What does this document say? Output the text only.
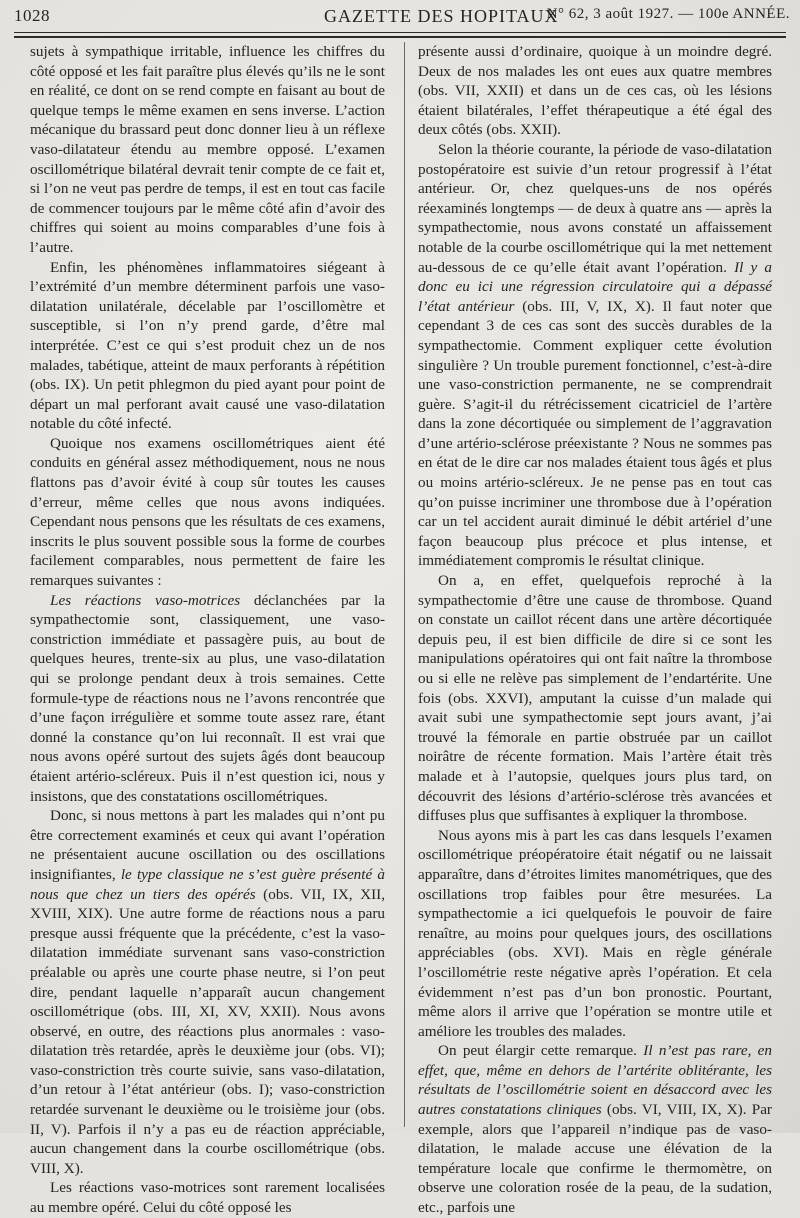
1028	GAZETTE DES HOPITAUX
N° 62, 3 août 1927. — 100e ANNÉE.

sujets à sympathique irritable, influence les chiffres du côté opposé et les fait paraître plus élevés qu’ils ne le sont en réalité, ce dont on se rend compte en faisant au bout de quelque temps le même examen en sens inverse. L’action mécanique du brassard peut donc donner lieu à un réflexe vaso-dilatateur étendu au membre opposé. L’examen oscillométrique bilatéral devrait tenir compte de ce fait et, si l’on ne veut pas perdre de temps, il est en tout cas facile de commencer toujours par le même côté afin d’avoir des chiffres qui soient au moins comparables d’une fois à l’autre.

Enfin, les phénomènes inflammatoires siégeant à l’extrémité d’un membre déterminent parfois une vaso-dilatation unilatérale, décelable par l’oscillomètre et susceptible, si l’on n’y prend garde, d’être mal interprétée. C’est ce qui s’est produit chez un de nos malades, tabétique, atteint de maux perforants à répétition (obs. IX). Un petit phlegmon du pied ayant pour point de départ un mal perforant avait causé une vaso-dilatation notable du côté infecté.

Quoique nos examens oscillométriques aient été conduits en général assez méthodiquement, nous ne nous flattons pas d’avoir évité à coup sûr toutes les causes d’erreur, même celles que nous avons indiquées. Cependant nous pensons que les résultats de ces examens, inscrits le plus souvent possible sous la forme de courbes facilement comparables, nous permettent de faire les remarques suivantes :

Les réactions vaso-motrices déclanchées par la sympathectomie sont, classiquement, une vaso-constriction immédiate et passagère puis, au bout de quelques heures, trente-six au plus, une vaso-dilatation qui se prolonge pendant deux à trois semaines. Cette formule-type de réactions nous ne l’avons rencontrée que d’une façon irrégulière et somme toute assez rare, étant donné la constance qu’on lui reconnaît. Il est vrai que nous avons opéré surtout des sujets âgés dont beaucoup étaient artério-scléreux. Puis il n’est question ici, nous y insistons, que des constatations oscillométriques.

Donc, si nous mettons à part les malades qui n’ont pu être correctement examinés et ceux qui avant l’opération ne présentaient aucune oscillation ou des oscillations insignifiantes, le type classique ne s’est guère présenté à nous que chez un tiers des opérés (obs. VII, IX, XII, XVIII, XIX). Une autre forme de réactions nous a paru presque aussi fréquente que la précédente, c’est la vaso-dilatation immédiate survenant sans vaso-constriction préalable ou après une courte phase neutre, si l’on peut dire, pendant laquelle n’apparaît aucun changement oscillométrique (obs. III, XI, XV, XXII). Nous avons observé, en outre, des réactions plus anormales : vaso-dilatation très retardée, après le deuxième jour (obs. VI); vaso-constriction très courte suivie, sans vaso-dilatation, d’un retour à l’état antérieur (obs. I); vaso-constriction retardée survenant le deuxième ou le troisième jour (obs. II, V). Parfois il n’y a pas eu de réaction appréciable, aucun changement dans la courbe oscillométrique (obs. VIII, X).

Les réactions vaso-motrices sont rarement localisées au membre opéré. Celui du côté opposé les

présente aussi d’ordinaire, quoique à un moindre degré. Deux de nos malades les ont eues aux quatre membres (obs. VII, XXII) et dans un de ces cas, où les lésions étaient bilatérales, l’effet thérapeutique a été égal des deux côtés (obs. XXII).

Selon la théorie courante, la période de vaso-dilatation postopératoire est suivie d’un retour progressif à l’état antérieur. Or, chez quelques-uns de nos opérés réexaminés longtemps — de deux à quatre ans — après la sympathectomie, nous avons constaté un affaissement notable de la courbe oscillométrique qui la met nettement au-dessous de ce qu’elle était avant l’opération. Il y a donc eu ici une régression circulatoire qui a dépassé l’état antérieur (obs. III, V, IX, X). Il faut noter que cependant 3 de ces cas sont des succès durables de la sympathectomie. Comment expliquer cette évolution singulière ? Un trouble purement fonctionnel, c’est-à-dire une vaso-constriction permanente, ne se comprendrait guère. S’agit-il du rétrécissement cicatriciel de l’artère dans la zone décortiquée ou simplement de l’aggravation d’une artério-sclérose préexistante ? Nous ne sommes pas en état de le dire car nos malades étaient tous âgés et plus ou moins artério-scléreux. Je ne pense pas en tout cas qu’on puisse incriminer une thrombose due à l’opération car un tel accident aurait diminué le débit artériel d’une façon beaucoup plus précoce et plus intense, et immédiatement compromis le résultat clinique.

On a, en effet, quelquefois reproché à la sympathectomie d’être une cause de thrombose. Quand on constate un caillot récent dans une artère décortiquée depuis peu, il est bien difficile de dire si ce sont les manipulations opératoires qui ont fait naître la thrombose ou si elle ne relève pas simplement de l’endartérite. Une fois (obs. XXVI), amputant la cuisse d’un malade qui avait subi une sympathectomie sept jours avant, j’ai trouvé la fémorale en partie obstruée par un caillot noirâtre de récente formation. Mais l’artère était très malade et à l’autopsie, quelques jours plus tard, on découvrit des lésions d’artério-sclérose très avancées et diffuses plus que suffisantes à expliquer la thrombose.

Nous ayons mis à part les cas dans lesquels l’examen oscillométrique préopératoire était négatif ou ne laissait apparaître, dans d’étroites limites manométriques, que des oscillations trop faibles pour être mesurées. La sympathectomie a ici quelquefois le pouvoir de faire renaître, au moins pour quelques jours, des oscillations appréciables (obs. XVI). Mais en règle générale l’oscillométrie reste négative après l’opération. Et cela évidemment n’est pas d’un bon pronostic. Pourtant, même alors il arrive que l’opération se montre utile et améliore les troubles des malades.

On peut élargir cette remarque. Il n’est pas rare, en effet, que, même en dehors de l’artérite oblitérante, les résultats de l’oscillométrie soient en désaccord avec les autres constatations cliniques (obs. VI, VIII, IX, X). Par exemple, alors que l’appareil n’indique pas de vaso-dilatation, le malade accuse une élévation de la température locale que confirme le thermomètre, on observe une coloration rosée de la peau, de la sudation, etc., parfois une
